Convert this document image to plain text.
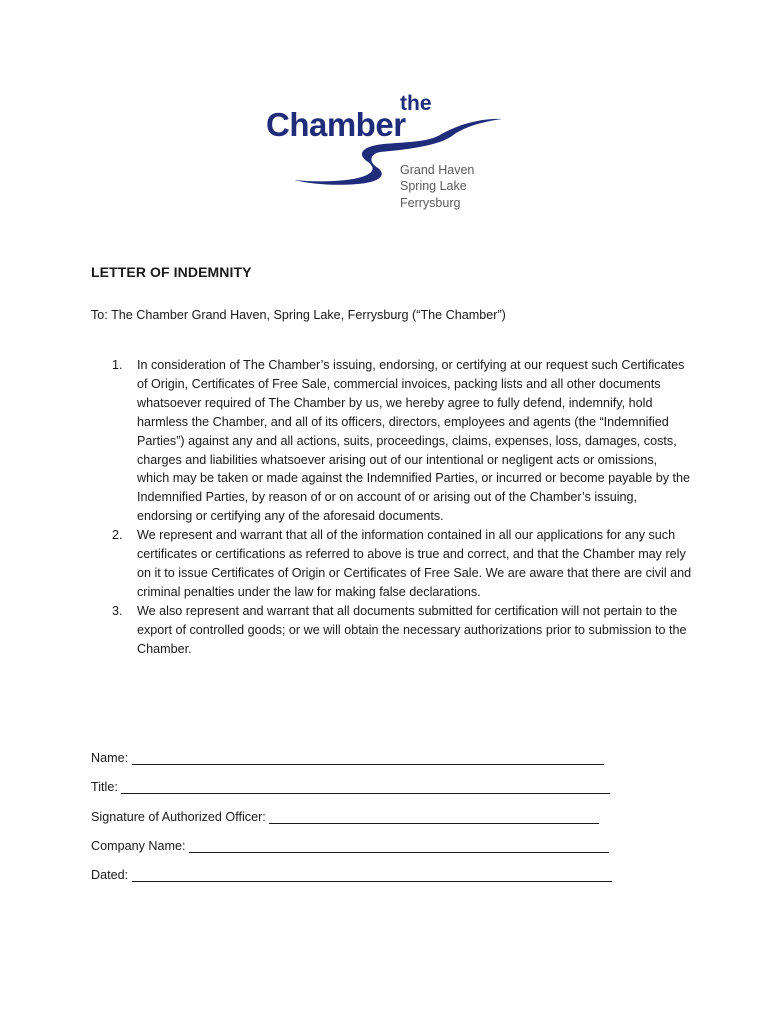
the
Chamber
Grand Haven
Spring Lake
Ferrysburg
LETTER OF INDEMNITY

To: The Chamber Grand Haven, Spring Lake, Ferrysburg (“The Chamber”)

1. In consideration of The Chamber’s issuing, endorsing, or certifying at our request such Certificates of Origin, Certificates of Free Sale, commercial invoices, packing lists and all other documents whatsoever required of The Chamber by us, we hereby agree to fully defend, indemnify, hold harmless the Chamber, and all of its officers, directors, employees and agents (the “Indemnified Parties”) against any and all actions, suits, proceedings, claims, expenses, loss, damages, costs, charges and liabilities whatsoever arising out of our intentional or negligent acts or omissions, which may be taken or made against the Indemnified Parties, or incurred or become payable by the Indemnified Parties, by reason of or on account of or arising out of the Chamber’s issuing, endorsing or certifying any of the aforesaid documents.
2. We represent and warrant that all of the information contained in all our applications for any such certificates or certifications as referred to above is true and correct, and that the Chamber may rely on it to issue Certificates of Origin or Certificates of Free Sale. We are aware that there are civil and criminal penalties under the law for making false declarations.
3. We also represent and warrant that all documents submitted for certification will not pertain to the export of controlled goods; or we will obtain the necessary authorizations prior to submission to the Chamber.
Name:
Title:
Signature of Authorized Officer:
Company Name:
Dated:
